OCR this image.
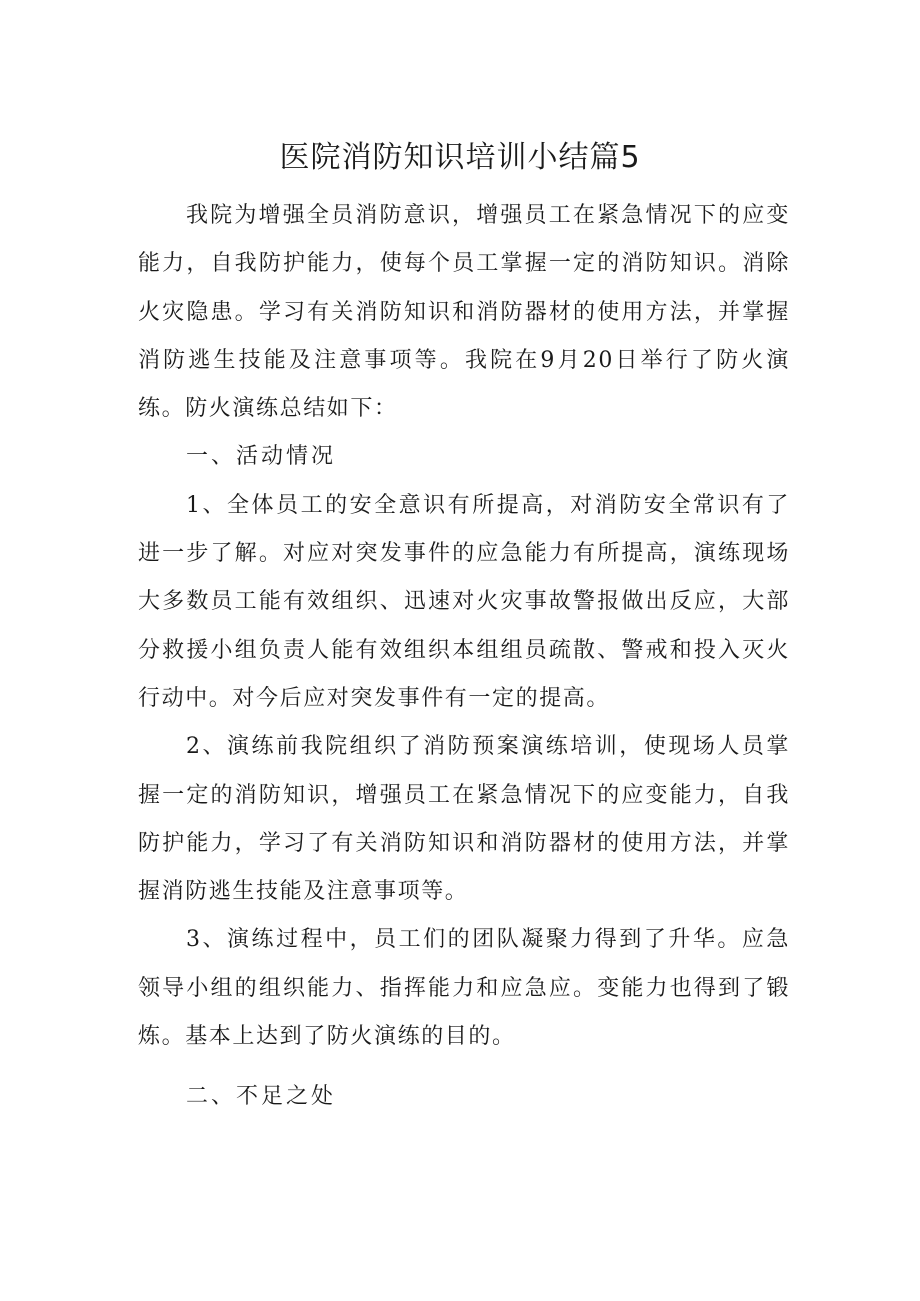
医院消防知识培训小结篇5

我院为增强全员消防意识，增强员工在紧急情况下的应变能力，自我防护能力，使每个员工掌握一定的消防知识。消除火灾隐患。学习有关消防知识和消防器材的使用方法，并掌握消防逃生技能及注意事项等。我院在9月20日举行了防火演练。防火演练总结如下：

一、活动情况

1、全体员工的安全意识有所提高，对消防安全常识有了进一步了解。对应对突发事件的应急能力有所提高，演练现场大多数员工能有效组织、迅速对火灾事故警报做出反应，大部分救援小组负责人能有效组织本组组员疏散、警戒和投入灭火行动中。对今后应对突发事件有一定的提高。

2、演练前我院组织了消防预案演练培训，使现场人员掌握一定的消防知识，增强员工在紧急情况下的应变能力，自我防护能力，学习了有关消防知识和消防器材的使用方法，并掌握消防逃生技能及注意事项等。

3、演练过程中，员工们的团队凝聚力得到了升华。应急领导小组的组织能力、指挥能力和应急应。变能力也得到了锻炼。基本上达到了防火演练的目的。

二、不足之处
